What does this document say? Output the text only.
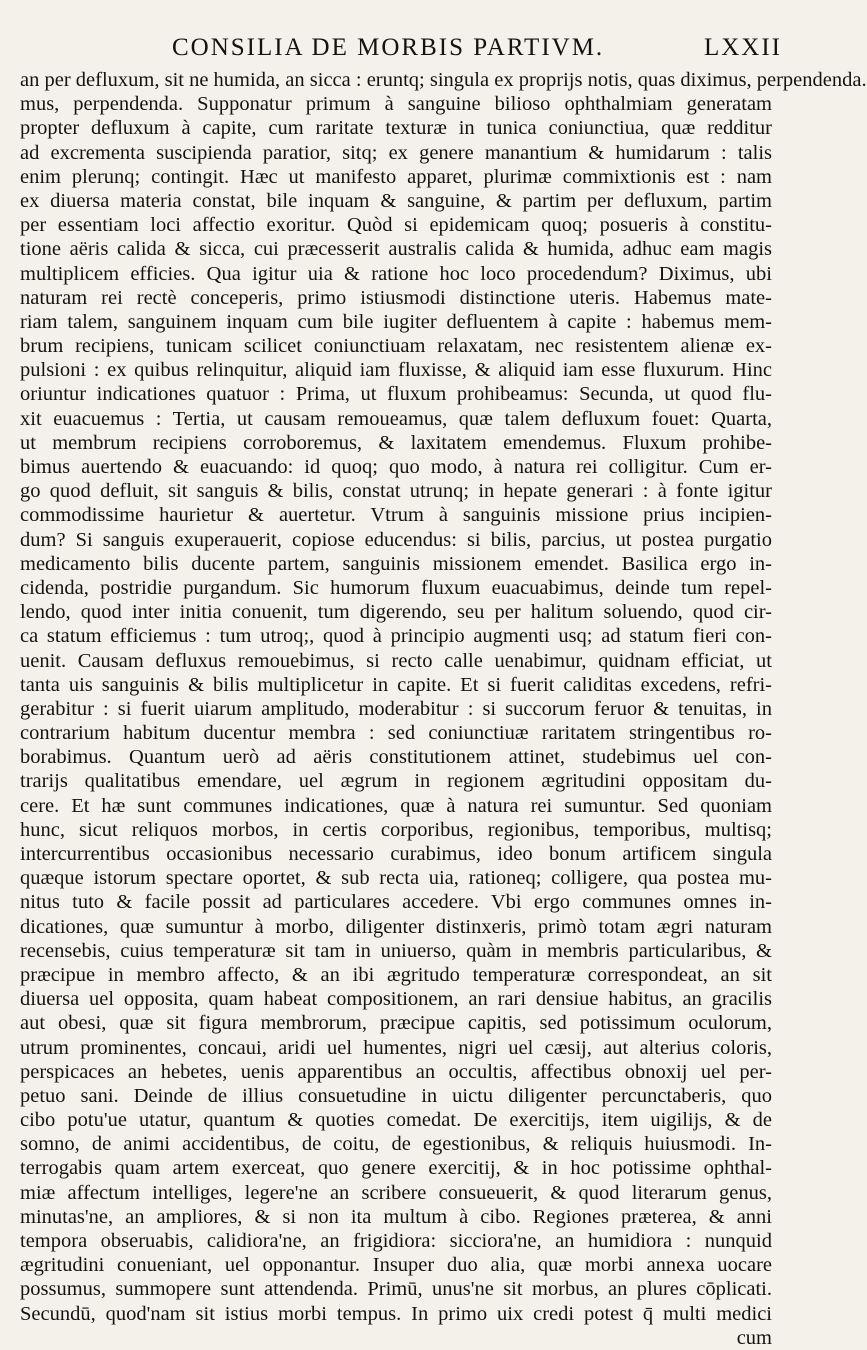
CONSILIA DE MORBIS PARTIVM.	LXXII
an per defluxum, sit ne humida, an sicca : eruntq; singula ex proprijs notis, quas diximus, perpendenda.
mus, perpendenda. Supponatur primum à sanguine bilioso ophthalmiam generatam
propter defluxum à capite, cum raritate texturæ in tunica coniunctiua, quæ redditur
ad excrementa suscipienda paratior, sitq; ex genere manantium & humidarum : talis
enim plerunq; contingit. Hæc ut manifesto apparet, plurimæ commixtionis est : nam
ex diuersa materia constat, bile inquam & sanguine, & partim per defluxum, partim
per essentiam loci affectio exoritur. Quòd si epidemicam quoq; posueris à constitu-
tione aëris calida & sicca, cui præcesserit australis calida & humida, adhuc eam magis
multiplicem efficies. Qua igitur uia & ratione hoc loco procedendum? Diximus, ubi
naturam rei rectè conceperis, primo istiusmodi distinctione uteris. Habemus mate-
riam talem, sanguinem inquam cum bile iugiter defluentem à capite : habemus mem-
brum recipiens, tunicam scilicet coniunctiuam relaxatam, nec resistentem alienæ ex-
pulsioni : ex quibus relinquitur, aliquid iam fluxisse, & aliquid iam esse fluxurum. Hinc
oriuntur indicationes quatuor : Prima, ut fluxum prohibeamus: Secunda, ut quod flu-
xit euacuemus : Tertia, ut causam remoueamus, quæ talem defluxum fouet: Quarta,
ut membrum recipiens corroboremus, & laxitatem emendemus. Fluxum prohibe-
bimus auertendo & euacuando: id quoq; quo modo, à natura rei colligitur. Cum er-
go quod defluit, sit sanguis & bilis, constat utrunq; in hepate generari : à fonte igitur
commodissime haurietur & auertetur. Vtrum à sanguinis missione prius incipien-
dum? Si sanguis exuperauerit, copiose educendus: si bilis, parcius, ut postea purgatio
medicamento bilis ducente partem, sanguinis missionem emendet. Basilica ergo in-
cidenda, postridie purgandum. Sic humorum fluxum euacuabimus, deinde tum repel-
lendo, quod inter initia conuenit, tum digerendo, seu per halitum soluendo, quod cir-
ca statum efficiemus : tum utroq;, quod à principio augmenti usq; ad statum fieri con-
uenit. Causam defluxus remouebimus, si recto calle uenabimur, quidnam efficiat, ut
tanta uis sanguinis & bilis multiplicetur in capite. Et si fuerit caliditas excedens, refri-
gerabitur : si fuerit uiarum amplitudo, moderabitur : si succorum feruor & tenuitas, in
contrarium habitum ducentur membra : sed coniunctiuæ raritatem stringentibus ro-
borabimus. Quantum uerò ad aëris constitutionem attinet, studebimus uel con-
trarijs qualitatibus emendare, uel ægrum in regionem ægritudini oppositam du-
cere. Et hæ sunt communes indicationes, quæ à natura rei sumuntur. Sed quoniam
hunc, sicut reliquos morbos, in certis corporibus, regionibus, temporibus, multisq;
intercurrentibus occasionibus necessario curabimus, ideo bonum artificem singula
quæque istorum spectare oportet, & sub recta uia, rationeq; colligere, qua postea mu-
nitus tuto & facile possit ad particulares accedere. Vbi ergo communes omnes in-
dicationes, quæ sumuntur à morbo, diligenter distinxeris, primò totam ægri naturam
recensebis, cuius temperaturæ sit tam in uniuerso, quàm in membris particularibus, &
præcipue in membro affecto, & an ibi ægritudo temperaturæ correspondeat, an sit
diuersa uel opposita, quam habeat compositionem, an rari densiue habitus, an gracilis
aut obesi, quæ sit figura membrorum, præcipue capitis, sed potissimum oculorum,
utrum prominentes, concaui, aridi uel humentes, nigri uel cæsij, aut alterius coloris,
perspicaces an hebetes, uenis apparentibus an occultis, affectibus obnoxij uel per-
petuo sani. Deinde de illius consuetudine in uictu diligenter percunctaberis, quo
cibo potu'ue utatur, quantum & quoties comedat. De exercitijs, item uigilijs, & de
somno, de animi accidentibus, de coitu, de egestionibus, & reliquis huiusmodi. In-
terrogabis quam artem exerceat, quo genere exercitij, & in hoc potissime ophthal-
miæ affectum intelliges, legere'ne an scribere consueuerit, & quod literarum genus,
minutas'ne, an ampliores, & si non ita multum à cibo. Regiones præterea, & anni
tempora obseruabis, calidiora'ne, an frigidiora: sicciora'ne, an humidiora : nunquid
ægritudini conueniant, uel opponantur. Insuper duo alia, quæ morbi annexa uocare
possumus, summopere sunt attendenda. Primū, unus'ne sit morbus, an plures cōplicati.
Secundū, quod'nam sit istius morbi tempus. In primo uix credi potest q̄ multi medici
cum
